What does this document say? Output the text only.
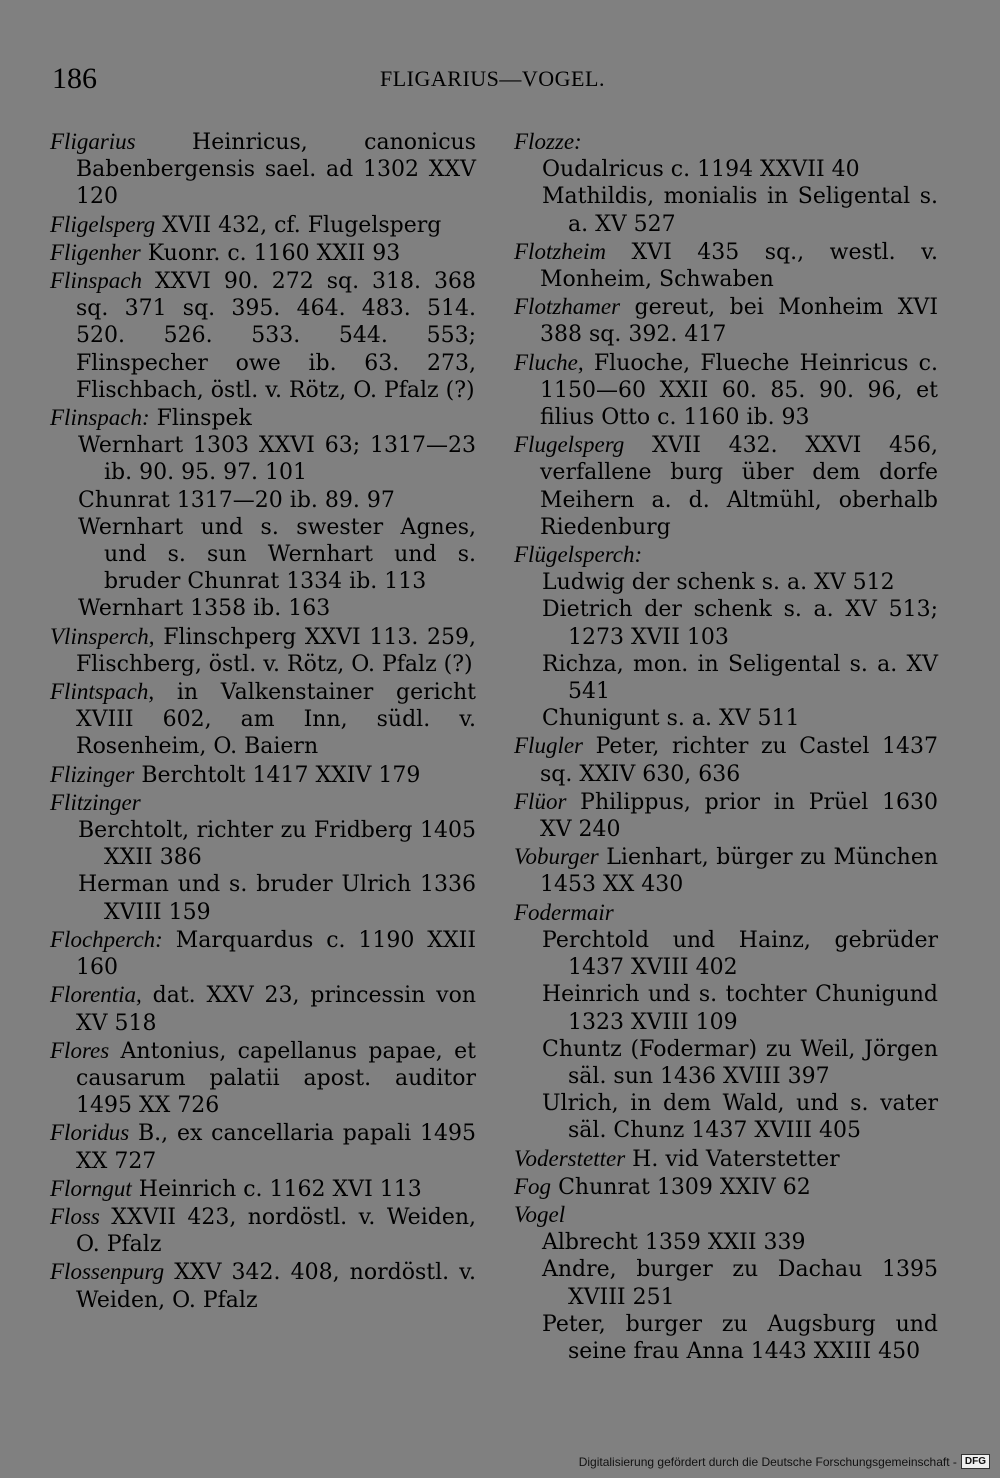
186	FLIGARIUS—VOGEL.

Fligarius	Heinricus, canonicus Babenbergensis sael. ad 1302 XXV 120

Fligelsperg XVII 432, cf. Flugelsperg

Fligenher Kuonr. c. 1160 XXII 93

Flinspach XXVI 90. 272 sq. 318. 368 sq. 371 sq. 395. 464. 483. 514. 520. 526. 533. 544. 553; Flinspecher owe ib. 63. 273, Flischbach, östl. v. Rötz, O. Pfalz (?)

Flinspach: Flinspek

Wernhart 1303 XXVI 63; 1317—23 ib. 90. 95. 97. 101

Chunrat 1317—20 ib. 89. 97

Wernhart und s. swester Agnes, und s. sun Wernhart und s. bruder Chunrat 1334 ib. 113

Wernhart 1358 ib. 163

Vlinsperch, Flinschperg XXVI 113. 259, Flischberg, östl. v. Rötz, O. Pfalz (?)

Flintspach, in Valkenstainer gericht XVIII 602, am Inn, südl. v. Rosenheim, O. Baiern

Flizinger Berchtolt 1417 XXIV 179

Flitzinger

Berchtolt, richter zu Fridberg 1405 XXII 386

Herman und s. bruder Ulrich 1336 XVIII 159

Flochperch: Marquardus c. 1190 XXII 160

Florentia, dat. XXV 23, princessin von XV 518

Flores Antonius, capellanus papae, et causarum palatii apost. auditor 1495 XX 726

Floridus B., ex cancellaria papali 1495 XX 727

Florngut Heinrich c. 1162 XVI 113

Floss XXVII 423, nordöstl. v. Weiden, O. Pfalz

Flossenpurg XXV 342. 408, nordöstl. v. Weiden, O. Pfalz

Flozze:

Oudalricus c. 1194 XXVII 40

Mathildis, monialis in Seligental s. a. XV 527

Flotzheim XVI 435 sq., westl. v. Monheim, Schwaben

Flotzhamer gereut, bei Monheim XVI 388 sq. 392. 417

Fluche, Fluoche, Flueche Heinricus c. 1150—60 XXII 60. 85. 90. 96, et filius Otto c. 1160 ib. 93

Flugelsperg XVII 432. XXVI 456, verfallene burg über dem dorfe Meihern a. d. Altmühl, oberhalb Riedenburg

Flügelsperch:

Ludwig der schenk s. a. XV 512

Dietrich der schenk s. a. XV 513; 1273 XVII 103

Richza, mon. in Seligental s. a. XV 541

Chunigunt s. a. XV 511

Flugler Peter, richter zu Castel 1437 sq. XXIV 630, 636

Flüor Philippus, prior in Prüel 1630 XV 240

Voburger Lienhart, bürger zu München 1453 XX 430

Fodermair

Perchtold und Hainz, gebrüder 1437 XVIII 402

Heinrich und s. tochter Chunigund 1323 XVIII 109

Chuntz (Fodermar) zu Weil, Jörgen säl. sun 1436 XVIII 397

Ulrich, in dem Wald, und s. vater säl. Chunz 1437 XVIII 405

Voderstetter H. vid Vaterstetter

Fog Chunrat 1309 XXIV 62

Vogel

Albrecht 1359 XXII 339

Andre, burger zu Dachau 1395 XVIII 251

Peter, burger zu Augsburg und seine frau Anna 1443 XXIII 450

Digitalisierung gefördert durch die Deutsche Forschungsgemeinschaft - DFG
